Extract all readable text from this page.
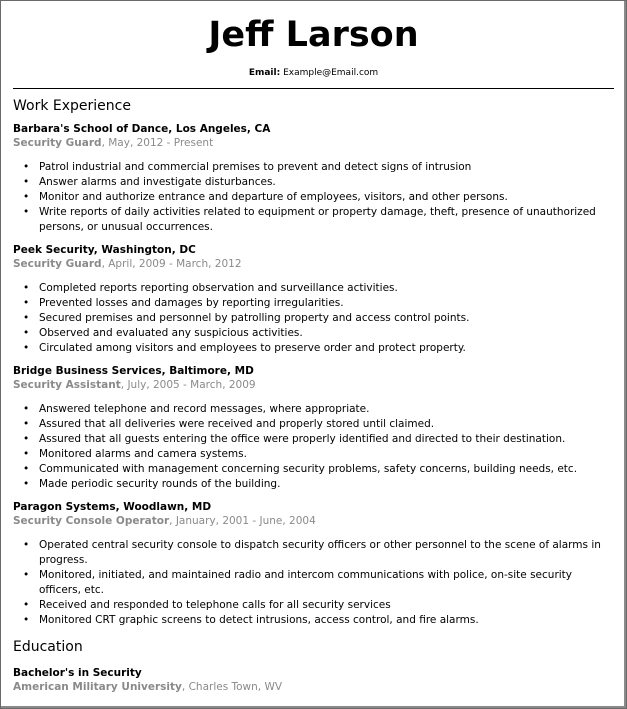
Jeff Larson
Email: Example@Email.com
Work Experience
Barbara's School of Dance, Los Angeles, CA
Security Guard, May, 2012 - Present
• Patrol industrial and commercial premises to prevent and detect signs of intrusion
• Answer alarms and investigate disturbances.
• Monitor and authorize entrance and departure of employees, visitors, and other persons.
• Write reports of daily activities related to equipment or property damage, theft, presence of unauthorized persons, or unusual occurrences.
Peek Security, Washington, DC
Security Guard, April, 2009 - March, 2012
• Completed reports reporting observation and surveillance activities.
• Prevented losses and damages by reporting irregularities.
• Secured premises and personnel by patrolling property and access control points.
• Observed and evaluated any suspicious activities.
• Circulated among visitors and employees to preserve order and protect property.
Bridge Business Services, Baltimore, MD
Security Assistant, July, 2005 - March, 2009
• Answered telephone and record messages, where appropriate.
• Assured that all deliveries were received and properly stored until claimed.
• Assured that all guests entering the office were properly identified and directed to their destination.
• Monitored alarms and camera systems.
• Communicated with management concerning security problems, safety concerns, building needs, etc.
• Made periodic security rounds of the building.
Paragon Systems, Woodlawn, MD
Security Console Operator, January, 2001 - June, 2004
• Operated central security console to dispatch security officers or other personnel to the scene of alarms in progress.
• Monitored, initiated, and maintained radio and intercom communications with police, on-site security officers, etc.
• Received and responded to telephone calls for all security services
• Monitored CRT graphic screens to detect intrusions, access control, and fire alarms.
Education
Bachelor's in Security
American Military University, Charles Town, WV
